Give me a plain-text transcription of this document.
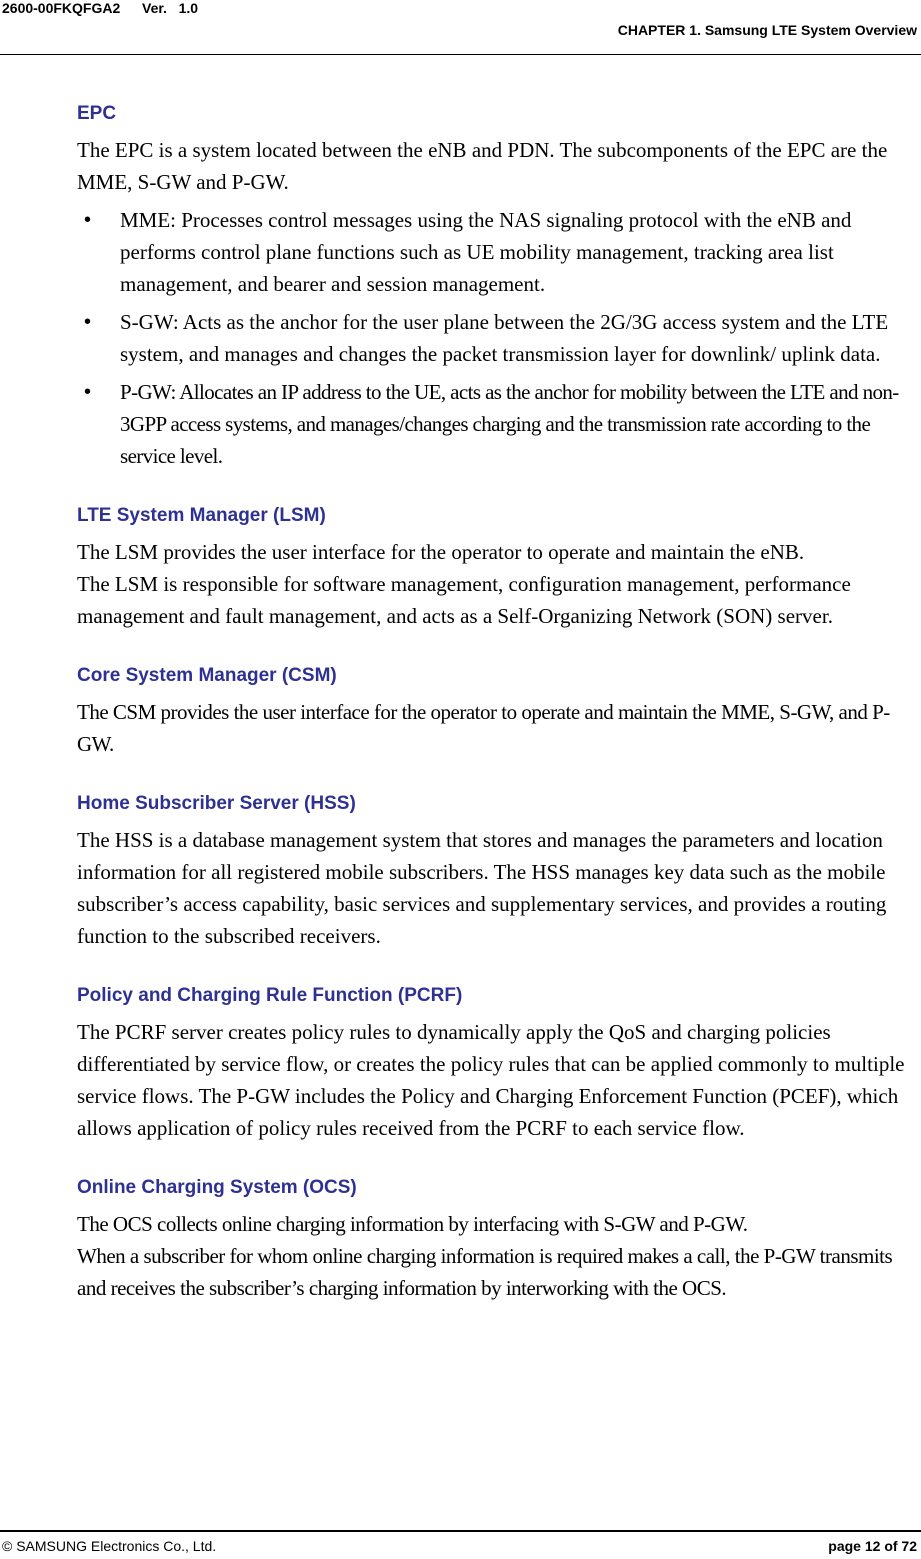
2600-00FKQFGA2 Ver.   1.0
CHAPTER 1. Samsung LTE System Overview
EPC

The EPC is a system located between the eNB and PDN. The subcomponents of the EPC are the MME, S-GW and P-GW.

• MME: Processes control messages using the NAS signaling protocol with the eNB and performs control plane functions such as UE mobility management, tracking area list management, and bearer and session management.
• S-GW: Acts as the anchor for the user plane between the 2G/3G access system and the LTE system, and manages and changes the packet transmission layer for downlink/ uplink data.
• P-GW: Allocates an IP address to the UE, acts as the anchor for mobility between the LTE and non-3GPP access systems, and manages/changes charging and the transmission rate according to the service level.
LTE System Manager (LSM)

The LSM provides the user interface for the operator to operate and maintain the eNB.

The LSM is responsible for software management, configuration management, performance management and fault management, and acts as a Self-Organizing Network (SON) server.

Core System Manager (CSM)

The CSM provides the user interface for the operator to operate and maintain the MME, S-GW, and P-GW.

Home Subscriber Server (HSS)

The HSS is a database management system that stores and manages the parameters and location information for all registered mobile subscribers. The HSS manages key data such as the mobile subscriber’s access capability, basic services and supplementary services, and provides a routing function to the subscribed receivers.

Policy and Charging Rule Function (PCRF)

The PCRF server creates policy rules to dynamically apply the QoS and charging policies differentiated by service flow, or creates the policy rules that can be applied commonly to multiple service flows. The P-GW includes the Policy and Charging Enforcement Function (PCEF), which allows application of policy rules received from the PCRF to each service flow.

Online Charging System (OCS)

The OCS collects online charging information by interfacing with S-GW and P-GW.

When a subscriber for whom online charging information is required makes a call, the P-GW transmits and receives the subscriber’s charging information by interworking with the OCS.

© SAMSUNG Electronics Co., Ltd.	page 12 of 72
